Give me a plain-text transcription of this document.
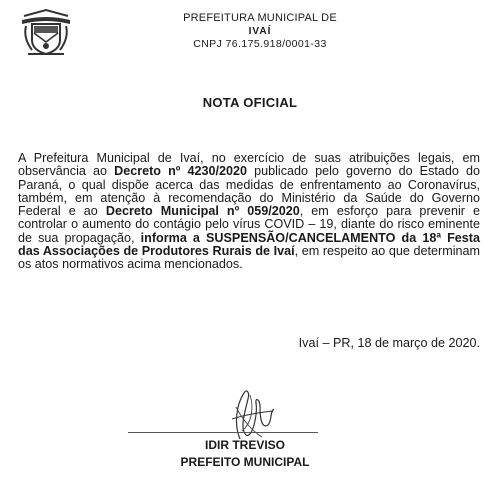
PREFEITURA MUNICIPAL DE
IVAÍ
CNPJ 76.175.918/0001-33
NOTA OFICIAL
A Prefeitura Municipal de Ivaí, no exercício de suas atribuições legais, em observância ao Decreto nº 4230/2020 publicado pelo governo do Estado do Paraná, o qual dispõe acerca das medidas de enfrentamento ao Coronavírus, também, em atenção à recomendação do Ministério da Saúde do Governo Federal e ao Decreto Municipal nº 059/2020, em esforço para prevenir e controlar o aumento do contágio pelo vírus COVID – 19, diante do risco eminente de sua propagação, informa a SUSPENSÃO/CANCELAMENTO da 18ª Festa das Associações de Produtores Rurais de Ivaí, em respeito ao que determinam os atos normativos acima mencionados.
Ivaí – PR, 18 de março de 2020.
IDIR TREVISO
PREFEITO MUNICIPAL
